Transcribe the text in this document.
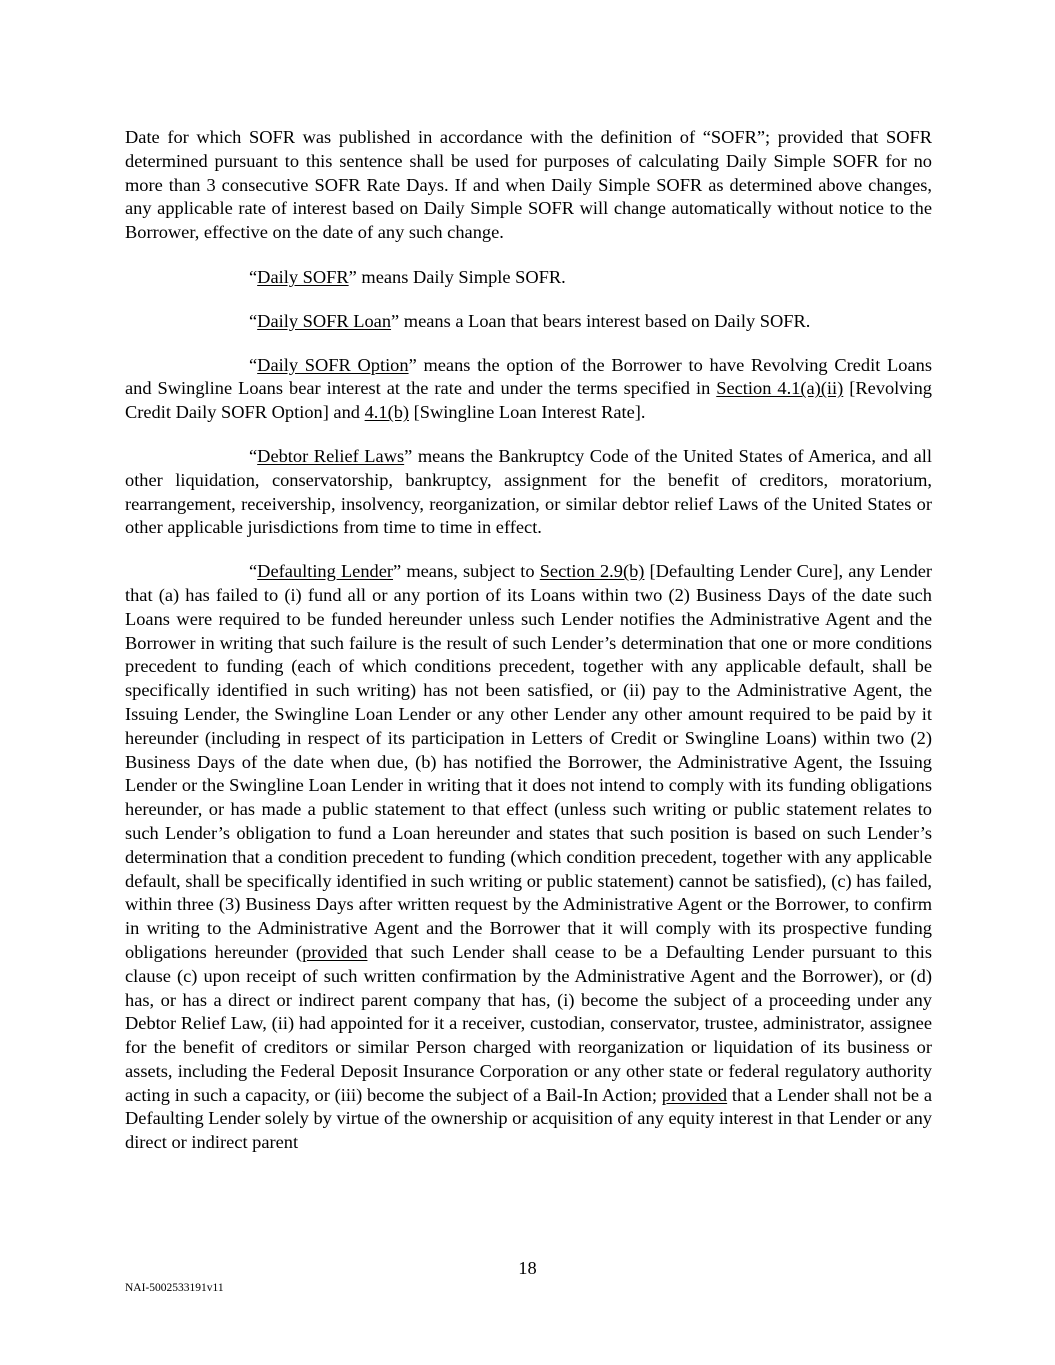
Date for which SOFR was published in accordance with the definition of “SOFR”; provided that SOFR determined pursuant to this sentence shall be used for purposes of calculating Daily Simple SOFR for no more than 3 consecutive SOFR Rate Days. If and when Daily Simple SOFR as determined above changes, any applicable rate of interest based on Daily Simple SOFR will change automatically without notice to the Borrower, effective on the date of any such change.

“Daily SOFR” means Daily Simple SOFR.

“Daily SOFR Loan” means a Loan that bears interest based on Daily SOFR.

“Daily SOFR Option” means the option of the Borrower to have Revolving Credit Loans and Swingline Loans bear interest at the rate and under the terms specified in Section 4.1(a)(ii) [Revolving Credit Daily SOFR Option] and 4.1(b) [Swingline Loan Interest Rate].

“Debtor Relief Laws” means the Bankruptcy Code of the United States of America, and all other liquidation, conservatorship, bankruptcy, assignment for the benefit of creditors, moratorium, rearrangement, receivership, insolvency, reorganization, or similar debtor relief Laws of the United States or other applicable jurisdictions from time to time in effect.

“Defaulting Lender” means, subject to Section 2.9(b) [Defaulting Lender Cure], any Lender that (a) has failed to (i) fund all or any portion of its Loans within two (2) Business Days of the date such Loans were required to be funded hereunder unless such Lender notifies the Administrative Agent and the Borrower in writing that such failure is the result of such Lender’s determination that one or more conditions precedent to funding (each of which conditions precedent, together with any applicable default, shall be specifically identified in such writing) has not been satisfied, or (ii) pay to the Administrative Agent, the Issuing Lender, the Swingline Loan Lender or any other Lender any other amount required to be paid by it hereunder (including in respect of its participation in Letters of Credit or Swingline Loans) within two (2) Business Days of the date when due, (b) has notified the Borrower, the Administrative Agent, the Issuing Lender or the Swingline Loan Lender in writing that it does not intend to comply with its funding obligations hereunder, or has made a public statement to that effect (unless such writing or public statement relates to such Lender’s obligation to fund a Loan hereunder and states that such position is based on such Lender’s determination that a condition precedent to funding (which condition precedent, together with any applicable default, shall be specifically identified in such writing or public statement) cannot be satisfied), (c) has failed, within three (3) Business Days after written request by the Administrative Agent or the Borrower, to confirm in writing to the Administrative Agent and the Borrower that it will comply with its prospective funding obligations hereunder (provided that such Lender shall cease to be a Defaulting Lender pursuant to this clause (c) upon receipt of such written confirmation by the Administrative Agent and the Borrower), or (d) has, or has a direct or indirect parent company that has, (i) become the subject of a proceeding under any Debtor Relief Law, (ii) had appointed for it a receiver, custodian, conservator, trustee, administrator, assignee for the benefit of creditors or similar Person charged with reorganization or liquidation of its business or assets, including the Federal Deposit Insurance Corporation or any other state or federal regulatory authority acting in such a capacity, or (iii) become the subject of a Bail-In Action; provided that a Lender shall not be a Defaulting Lender solely by virtue of the ownership or acquisition of any equity interest in that Lender or any direct or indirect parent

18
NAI-5002533191v11
